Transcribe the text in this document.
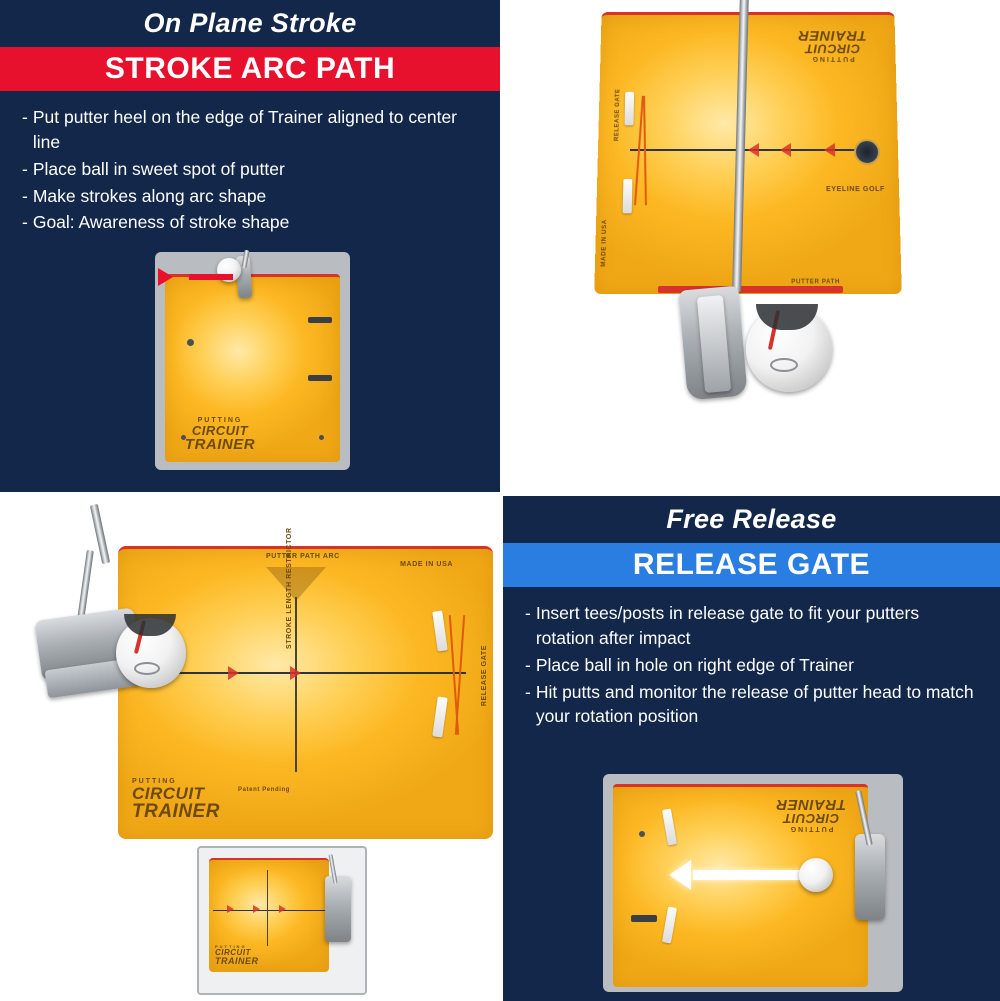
On Plane Stroke
STROKE ARC PATH
- Put putter heel on the edge of Trainer aligned to center line
- Place ball in sweet spot of putter
- Make strokes along arc shape
- Goal: Awareness of stroke shape
PUTTING
CIRCUIT
TRAINER
RELEASE GATE
MADE IN USA
PUTTER PATH
EYELINE GOLF
PUTTING
CIRCUIT
TRAINER
PUTTER PATH ARC
STROKE LENGTH RESTRICTOR
RELEASE GATE
MADE IN USA
PUTTING
CIRCUIT
TRAINER
Patent Pending
PUTTING
CIRCUIT
TRAINER
Free Release
RELEASE GATE
- Insert tees/posts in release gate to fit your putters rotation after impact
- Place ball in hole on right edge of Trainer
- Hit putts and monitor the release of putter head to match your rotation position
PUTTING
CIRCUIT
TRAINER
